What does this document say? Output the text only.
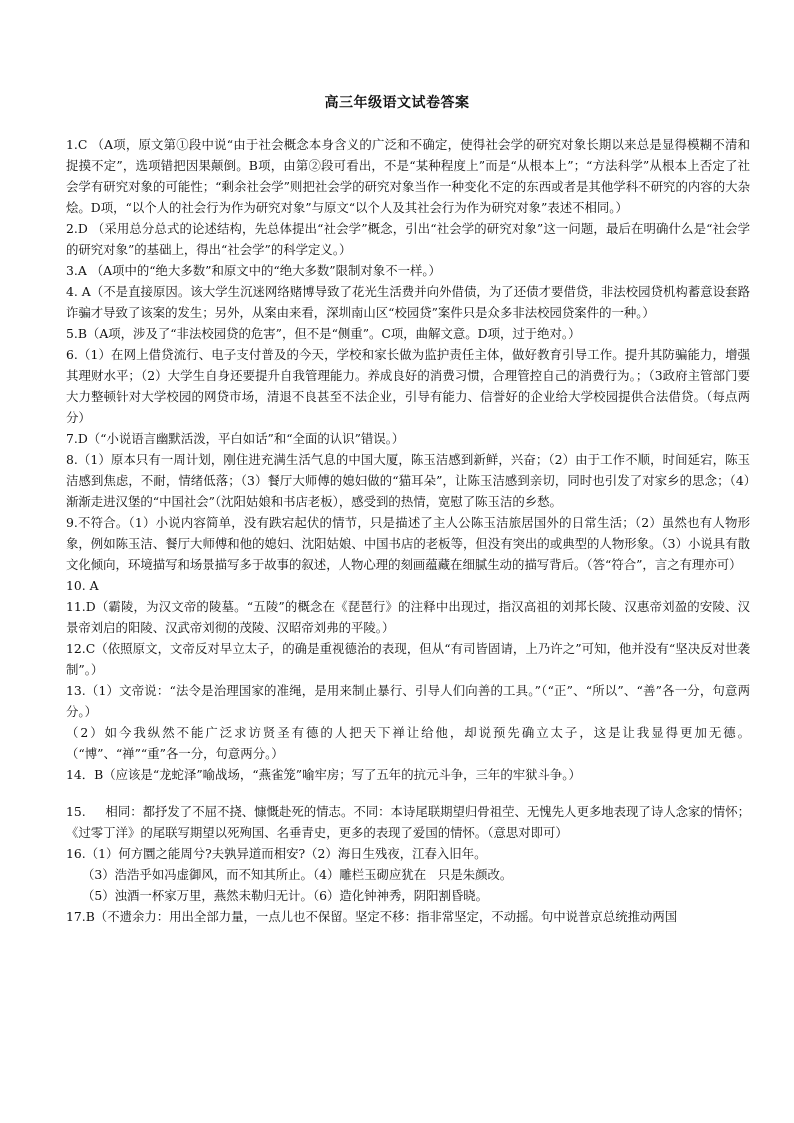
高三年级语文试卷答案

1.C （A项，原文第①段中说“由于社会概念本身含义的广泛和不确定，使得社会学的研究对象长期以来总是显得模糊不清和捉摸不定”，选项错把因果颠倒。B项，由第②段可看出，不是“某种程度上”而是“从根本上”；“方法科学”从根本上否定了社会学有研究对象的可能性；“剩余社会学”则把社会学的研究对象当作一种变化不定的东西或者是其他学科不研究的内容的大杂烩。D项，“以个人的社会行为作为研究对象”与原文“以个人及其社会行为作为研究对象”表述不相同。）

2.D （采用总分总式的论述结构，先总体提出“社会学”概念，引出“社会学的研究对象”这一问题，最后在明确什么是“社会学的研究对象”的基础上，得出“社会学”的科学定义。）

3.A （A项中的“绝大多数”和原文中的“绝大多数”限制对象不一样。）

4. A（不是直接原因。该大学生沉迷网络赌博导致了花光生活费并向外借债，为了还债才要借贷，非法校园贷机构蓄意设套路诈骗才导致了该案的发生；另外，从案由来看，深圳南山区“校园贷”案件只是众多非法校园贷案件的一种。）

5.B（A项，涉及了“非法校园贷的危害”，但不是“侧重”。C项，曲解文意。D项，过于绝对。）

6.（1）在网上借贷流行、电子支付普及的今天，学校和家长做为监护责任主体，做好教育引导工作。提升其防骗能力，增强其理财水平；（2）大学生自身还要提升自我管理能力。养成良好的消费习惯，合理管控自己的消费行为。；（3政府主管部门要大力整顿针对大学校园的网贷市场，清退不良甚至不法企业，引导有能力、信誉好的企业给大学校园提供合法借贷。（每点两分）

7.D（“小说语言幽默活泼，平白如话”和“全面的认识”错误。）

8.（1）原本只有一周计划，刚住进充满生活气息的中国大厦，陈玉洁感到新鲜，兴奋；（2）由于工作不顺，时间延宕，陈玉洁感到焦虑，不耐，情绪低落；（3）餐厅大师傅的媳妇做的“猫耳朵”，让陈玉洁感到亲切，同时也引发了对家乡的思念；（4）渐渐走进汉堡的“中国社会”（沈阳姑娘和书店老板），感受到的热情，宽慰了陈玉洁的乡愁。

9.不符合。（1）小说内容简单，没有跌宕起伏的情节，只是描述了主人公陈玉洁旅居国外的日常生活；（2）虽然也有人物形象，例如陈玉洁、餐厅大师傅和他的媳妇、沈阳姑娘、中国书店的老板等，但没有突出的或典型的人物形象。（3）小说具有散文化倾向，环境描写和场景描写多于故事的叙述，人物心理的刻画蕴藏在细腻生动的描写背后。（答“符合”，言之有理亦可）

10. A

11.D（霸陵，为汉文帝的陵墓。“五陵”的概念在《琵琶行》的注释中出现过，指汉高祖的刘邦长陵、汉惠帝刘盈的安陵、汉景帝刘启的阳陵、汉武帝刘彻的茂陵、汉昭帝刘弗的平陵。）

12.C（依照原文，文帝反对早立太子，的确是重视德治的表现，但从“有司皆固请，上乃许之”可知，他并没有“坚决反对世袭制”。）

13.（1）文帝说：“法令是治理国家的准绳，是用来制止暴行、引导人们向善的工具。”（“正”、“所以”、“善”各一分，句意两分。）

（2）如今我纵然不能广泛求访贤圣有德的人把天下禅让给他，却说预先确立太子，这是让我显得更加无德。（“博”、“禅”“重”各一分，句意两分。）

14．B（应该是“龙蛇泽”喻战场，“燕雀笼”喻牢房；写了五年的抗元斗争，三年的牢狱斗争。）

15.     相同：都抒发了不屈不挠、慷慨赴死的情志。不同：本诗尾联期望归骨祖茔、无愧先人更多地表现了诗人念家的情怀；《过零丁洋》的尾联写期望以死殉国、名垂青史，更多的表现了爱国的情怀。（意思对即可）

16.（1）何方圜之能周兮?夫孰异道而相安?（2）海日生残夜，江春入旧年。

（3）浩浩乎如冯虚御风，而不知其所止。（4）雕栏玉砌应犹在   只是朱颜改。

（5）浊酒一杯家万里，燕然未勒归无计。（6）造化钟神秀，阴阳割昏晓。

17.B（不遗余力：用出全部力量，一点儿也不保留。坚定不移：指非常坚定，不动摇。句中说普京总统推动两国
